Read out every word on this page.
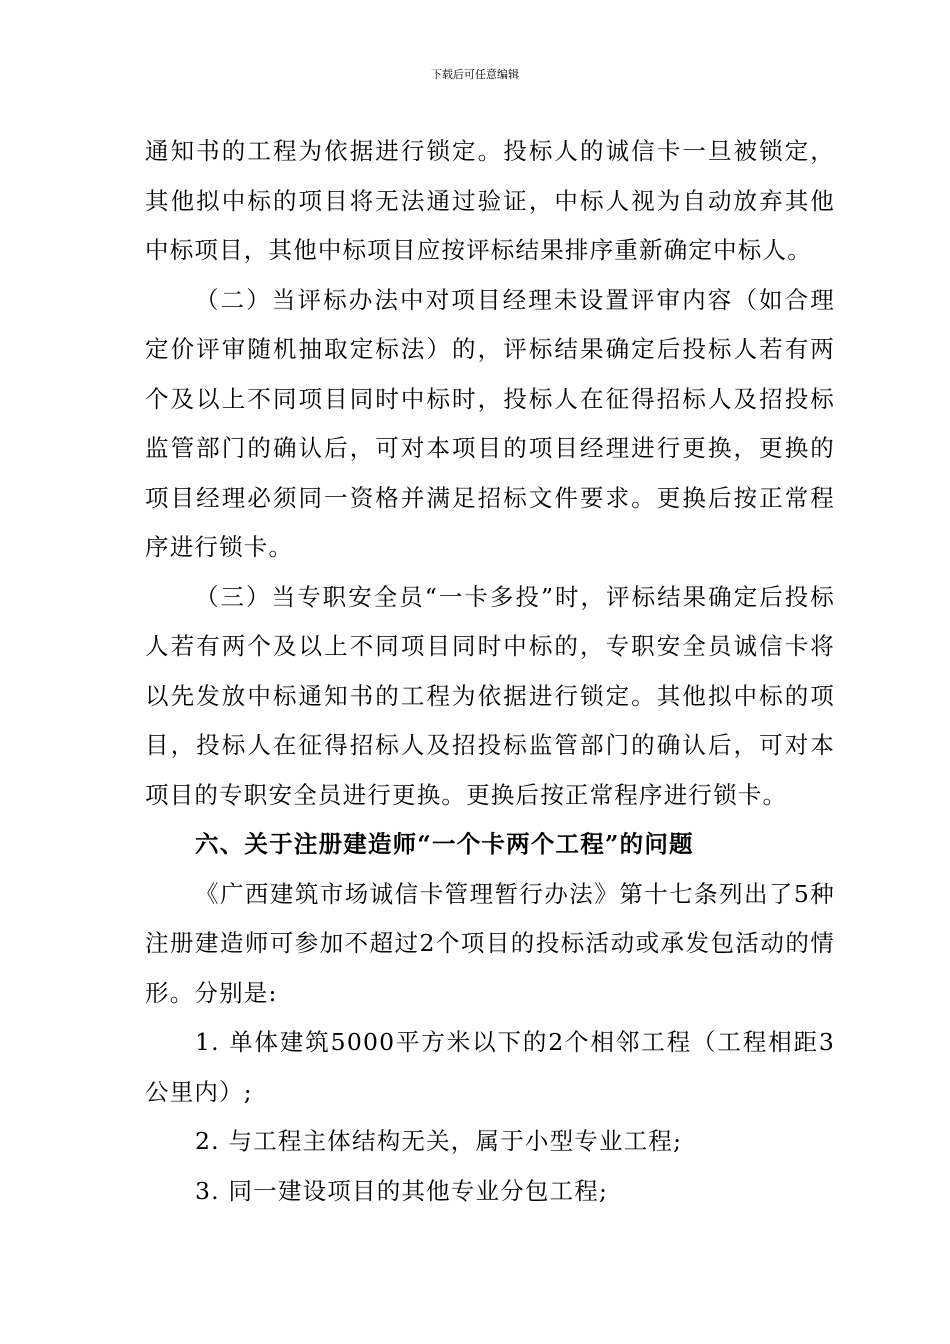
下载后可任意编辑

通知书的工程为依据进行锁定。投标人的诚信卡一旦被锁定，其他拟中标的项目将无法通过验证，中标人视为自动放弃其他中标项目，其他中标项目应按评标结果排序重新确定中标人。

（二）当评标办法中对项目经理未设置评审内容（如合理定价评审随机抽取定标法）的，评标结果确定后投标人若有两个及以上不同项目同时中标时，投标人在征得招标人及招投标监管部门的确认后，可对本项目的项目经理进行更换，更换的项目经理必须同一资格并满足招标文件要求。更换后按正常程序进行锁卡。

（三）当专职安全员“一卡多投”时，评标结果确定后投标人若有两个及以上不同项目同时中标的，专职安全员诚信卡将以先发放中标通知书的工程为依据进行锁定。其他拟中标的项目，投标人在征得招标人及招投标监管部门的确认后，可对本项目的专职安全员进行更换。更换后按正常程序进行锁卡。

六、关于注册建造师“一个卡两个工程”的问题

《广西建筑市场诚信卡管理暂行办法》第十七条列出了5种注册建造师可参加不超过2个项目的投标活动或承发包活动的情形。分别是:

1. 单体建筑5000平方米以下的2个相邻工程（工程相距3公里内）;

2. 与工程主体结构无关，属于小型专业工程;

3. 同一建设项目的其他专业分包工程;
